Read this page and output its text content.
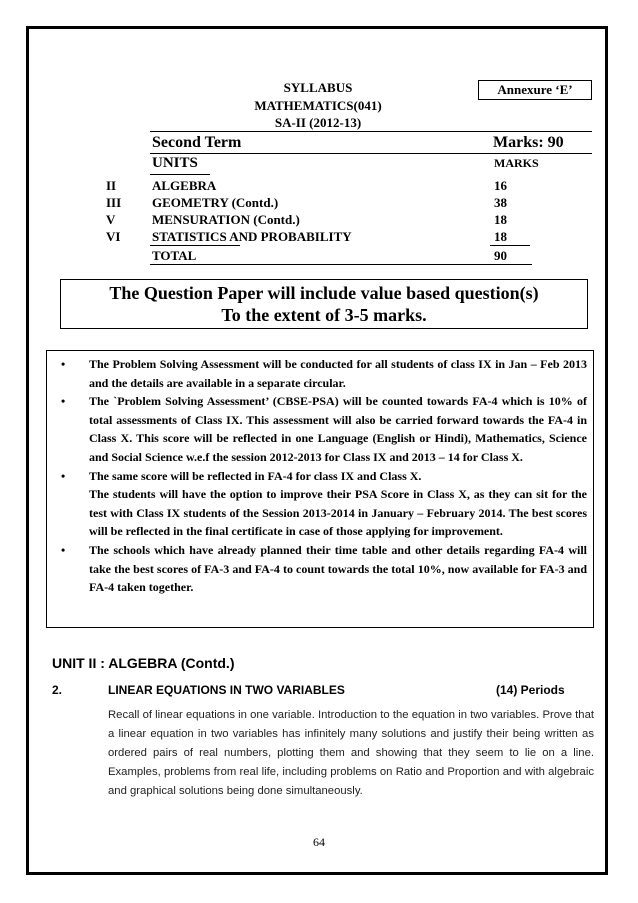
SYLLABUS
MATHEMATICS(041)
SA-II (2012-13)
Annexure ‘E’
Second Term	Marks: 90
UNITS	MARKS
II	ALGEBRA	16
III GEOMETRY (Contd.)	38
V	MENSURATION (Contd.)	18
VI STATISTICS AND PROBABILITY	18
TOTAL	90
The Question Paper will include value based question(s)
To the extent of 3-5 marks.
• The Problem Solving Assessment will be conducted for all students of class IX in Jan – Feb 2013 and the details are available in a separate circular.

• The `Problem Solving Assessment’ (CBSE-PSA) will be counted towards FA-4 which is 10% of total assessments of Class IX. This assessment will also be carried forward towards the FA-4 in Class X. This score will be reflected in one Language (English or Hindi), Mathematics, Science and Social Science w.e.f the session 2012-2013 for Class IX and 2013 – 14 for Class X.

• The same score will be reflected in FA-4 for class IX and Class X.

The students will have the option to improve their PSA Score in Class X, as they can sit for the test with Class IX students of the Session 2013-2014 in January – February 2014. The best scores will be reflected in the final certificate in case of those applying for improvement.

• The schools which have already planned their time table and other details regarding FA-4 will take the best scores of FA-3 and FA-4 to count towards the total 10%, now available for FA-3 and FA-4 taken together.

UNIT II : ALGEBRA (Contd.)
2.	LINEAR EQUATIONS IN TWO VARIABLES	(14) Periods
Recall of linear equations in one variable. Introduction to the equation in two variables. Prove that a linear equation in two variables has infinitely many solutions and justify their being written as ordered pairs of real numbers, plotting them and showing that they seem to lie on a line. Examples, problems from real life, including problems on Ratio and Proportion and with algebraic and graphical solutions being done simultaneously.
64
